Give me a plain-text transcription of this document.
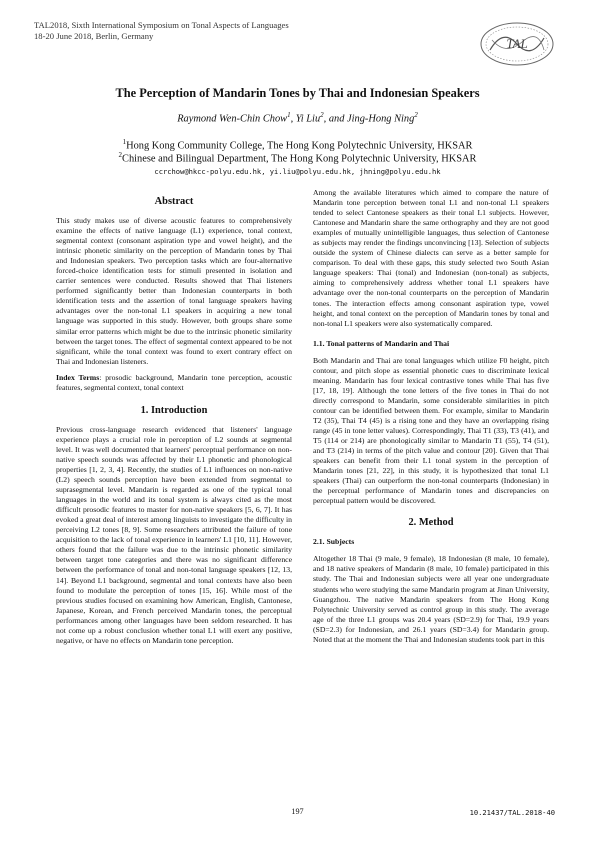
TAL2018, Sixth International Symposium on Tonal Aspects of Languages
18-20 June 2018, Berlin, Germany
TAL
The Perception of Mandarin Tones by Thai and Indonesian Speakers
Raymond Wen-Chin Chow$^1$, Yi Liu$^2$, and Jing-Hong Ning$^2$
$^1$Hong Kong Community College, The Hong Kong Polytechnic University, HKSAR
$^2$Chinese and Bilingual Department, The Hong Kong Polytechnic University, HKSAR
ccrchow@hkcc-polyu.edu.hk, yi.liu@polyu.edu.hk, jhning@polyu.edu.hk
Abstract

This study makes use of diverse acoustic features to comprehensively examine the effects of native language (L1) experience, tonal context, segmental context (consonant aspiration type and vowel height), and the intrinsic phonetic similarity on the perception of Mandarin tones by Thai and Indonesian speakers. Two perception tasks which are four-alternative forced-choice identification tests for stimuli presented in isolation and carrier sentences were conducted. Results showed that Thai listeners performed significantly better than Indonesian counterparts in both identification tests and the assertion of tonal language speakers having advantages over the non-tonal L1 speakers in acquiring a new tonal language was supported in this study. However, both groups share some similar error patterns which might be due to the intrinsic phonetic similarity between the target tones. The effect of segmental context appeared to be not significant, while the tonal context was found to exert contrary effect on Thai and Indonesian listeners.

Index Terms: prosodic background, Mandarin tone perception, acoustic features, segmental context, tonal context

1. Introduction

Previous cross-language research evidenced that listeners' language experience plays a crucial role in perception of L2 sounds at segmental level. It was well documented that learners' perceptual performance on non-native speech sounds was affected by their L1 phonetic and phonological properties [1, 2, 3, 4]. Recently, the studies of L1 influences on non-native (L2) speech sounds perception have been extended from segmental to suprasegmental level. Mandarin is regarded as one of the typical tonal languages in the world and its tonal system is always cited as the most difficult prosodic features to master for non-native speakers [5, 6, 7]. It has evoked a great deal of interest among linguists to investigate the difficulty in perceiving L2 tones [8, 9]. Some researchers attributed the failure of tone acquisition to the lack of tonal experience in learners' L1 [10, 11]. However, others found that the failure was due to the intrinsic phonetic similarity between target tone categories and there was no significant difference between the performance of tonal and non-tonal language speakers [12, 13, 14]. Beyond L1 background, segmental and tonal contexts have also been found to modulate the perception of tones [15, 16]. While most of the previous studies focused on examining how American, English, Cantonese, Japanese, Korean, and French perceived Mandarin tones, the perceptual performances among other languages have been seldom researched. It has not come up a robust conclusion whether tonal L1 will exert any positive, negative, or have no effects on Mandarin tone perception.

Among the available literatures which aimed to compare the nature of Mandarin tone perception between tonal L1 and non-tonal L1 speakers tended to select Cantonese speakers as their tonal L1 subjects. However, Cantonese and Mandarin share the same orthography and they are not good examples of mutually unintelligible languages, thus selection of Cantonese as subjects may render the findings unconvincing [13]. Selection of subjects outside the system of Chinese dialects can serve as a better sample for comparison. To deal with these gaps, this study selected two South Asian language speakers: Thai (tonal) and Indonesian (non-tonal) as subjects, aiming to comprehensively address whether tonal L1 speakers have advantage over the non-tonal counterparts on the perception of Mandarin tones. The interaction effects among consonant aspiration type, vowel height, and tonal context on the perception of Mandarin tones by tonal and non-tonal L1 speakers were also systematically compared.

1.1. Tonal patterns of Mandarin and Thai

Both Mandarin and Thai are tonal languages which utilize F0 height, pitch contour, and pitch slope as essential phonetic cues to discriminate lexical meaning. Mandarin has four lexical contrastive tones while Thai has five [17, 18, 19]. Although the tone letters of the five tones in Thai do not directly correspond to Mandarin, some considerable similarities in pitch contour can be identified between them. For example, similar to Mandarin T2 (35), Thai T4 (45) is a rising tone and they have an overlapping rising range (45 in tone letter values). Correspondingly, Thai T1 (33), T3 (41), and T5 (114 or 214) are phonologically similar to Mandarin T1 (55), T4 (51), and T3 (214) in terms of the pitch value and contour [20]. Given that Thai speakers can benefit from their L1 tonal system in the perception of Mandarin tones [21, 22], in this study, it is hypothesized that tonal L1 speakers (Thai) can outperform the non-tonal counterparts (Indonesian) in the perceptual performance of Mandarin tones and discrepancies on perceptual pattern would be discovered.

2. Method
2.1. Subjects

Altogether 18 Thai (9 male, 9 female), 18 Indonesian (8 male, 10 female), and 18 native speakers of Mandarin (8 male, 10 female) participated in this study. The Thai and Indonesian subjects were all year one undergraduate students who were studying the same Mandarin program at Jinan University, Guangzhou. The native Mandarin speakers from The Hong Kong Polytechnic University served as control group in this study. The average age of the three L1 groups was 20.4 years (SD=2.9) for Thai, 19.9 years (SD=2.3) for Indonesian, and 26.1 years (SD=3.4) for Mandarin group. Noted that at the moment the Thai and Indonesian students took part in this

197	10.21437/TAL.2018-40
